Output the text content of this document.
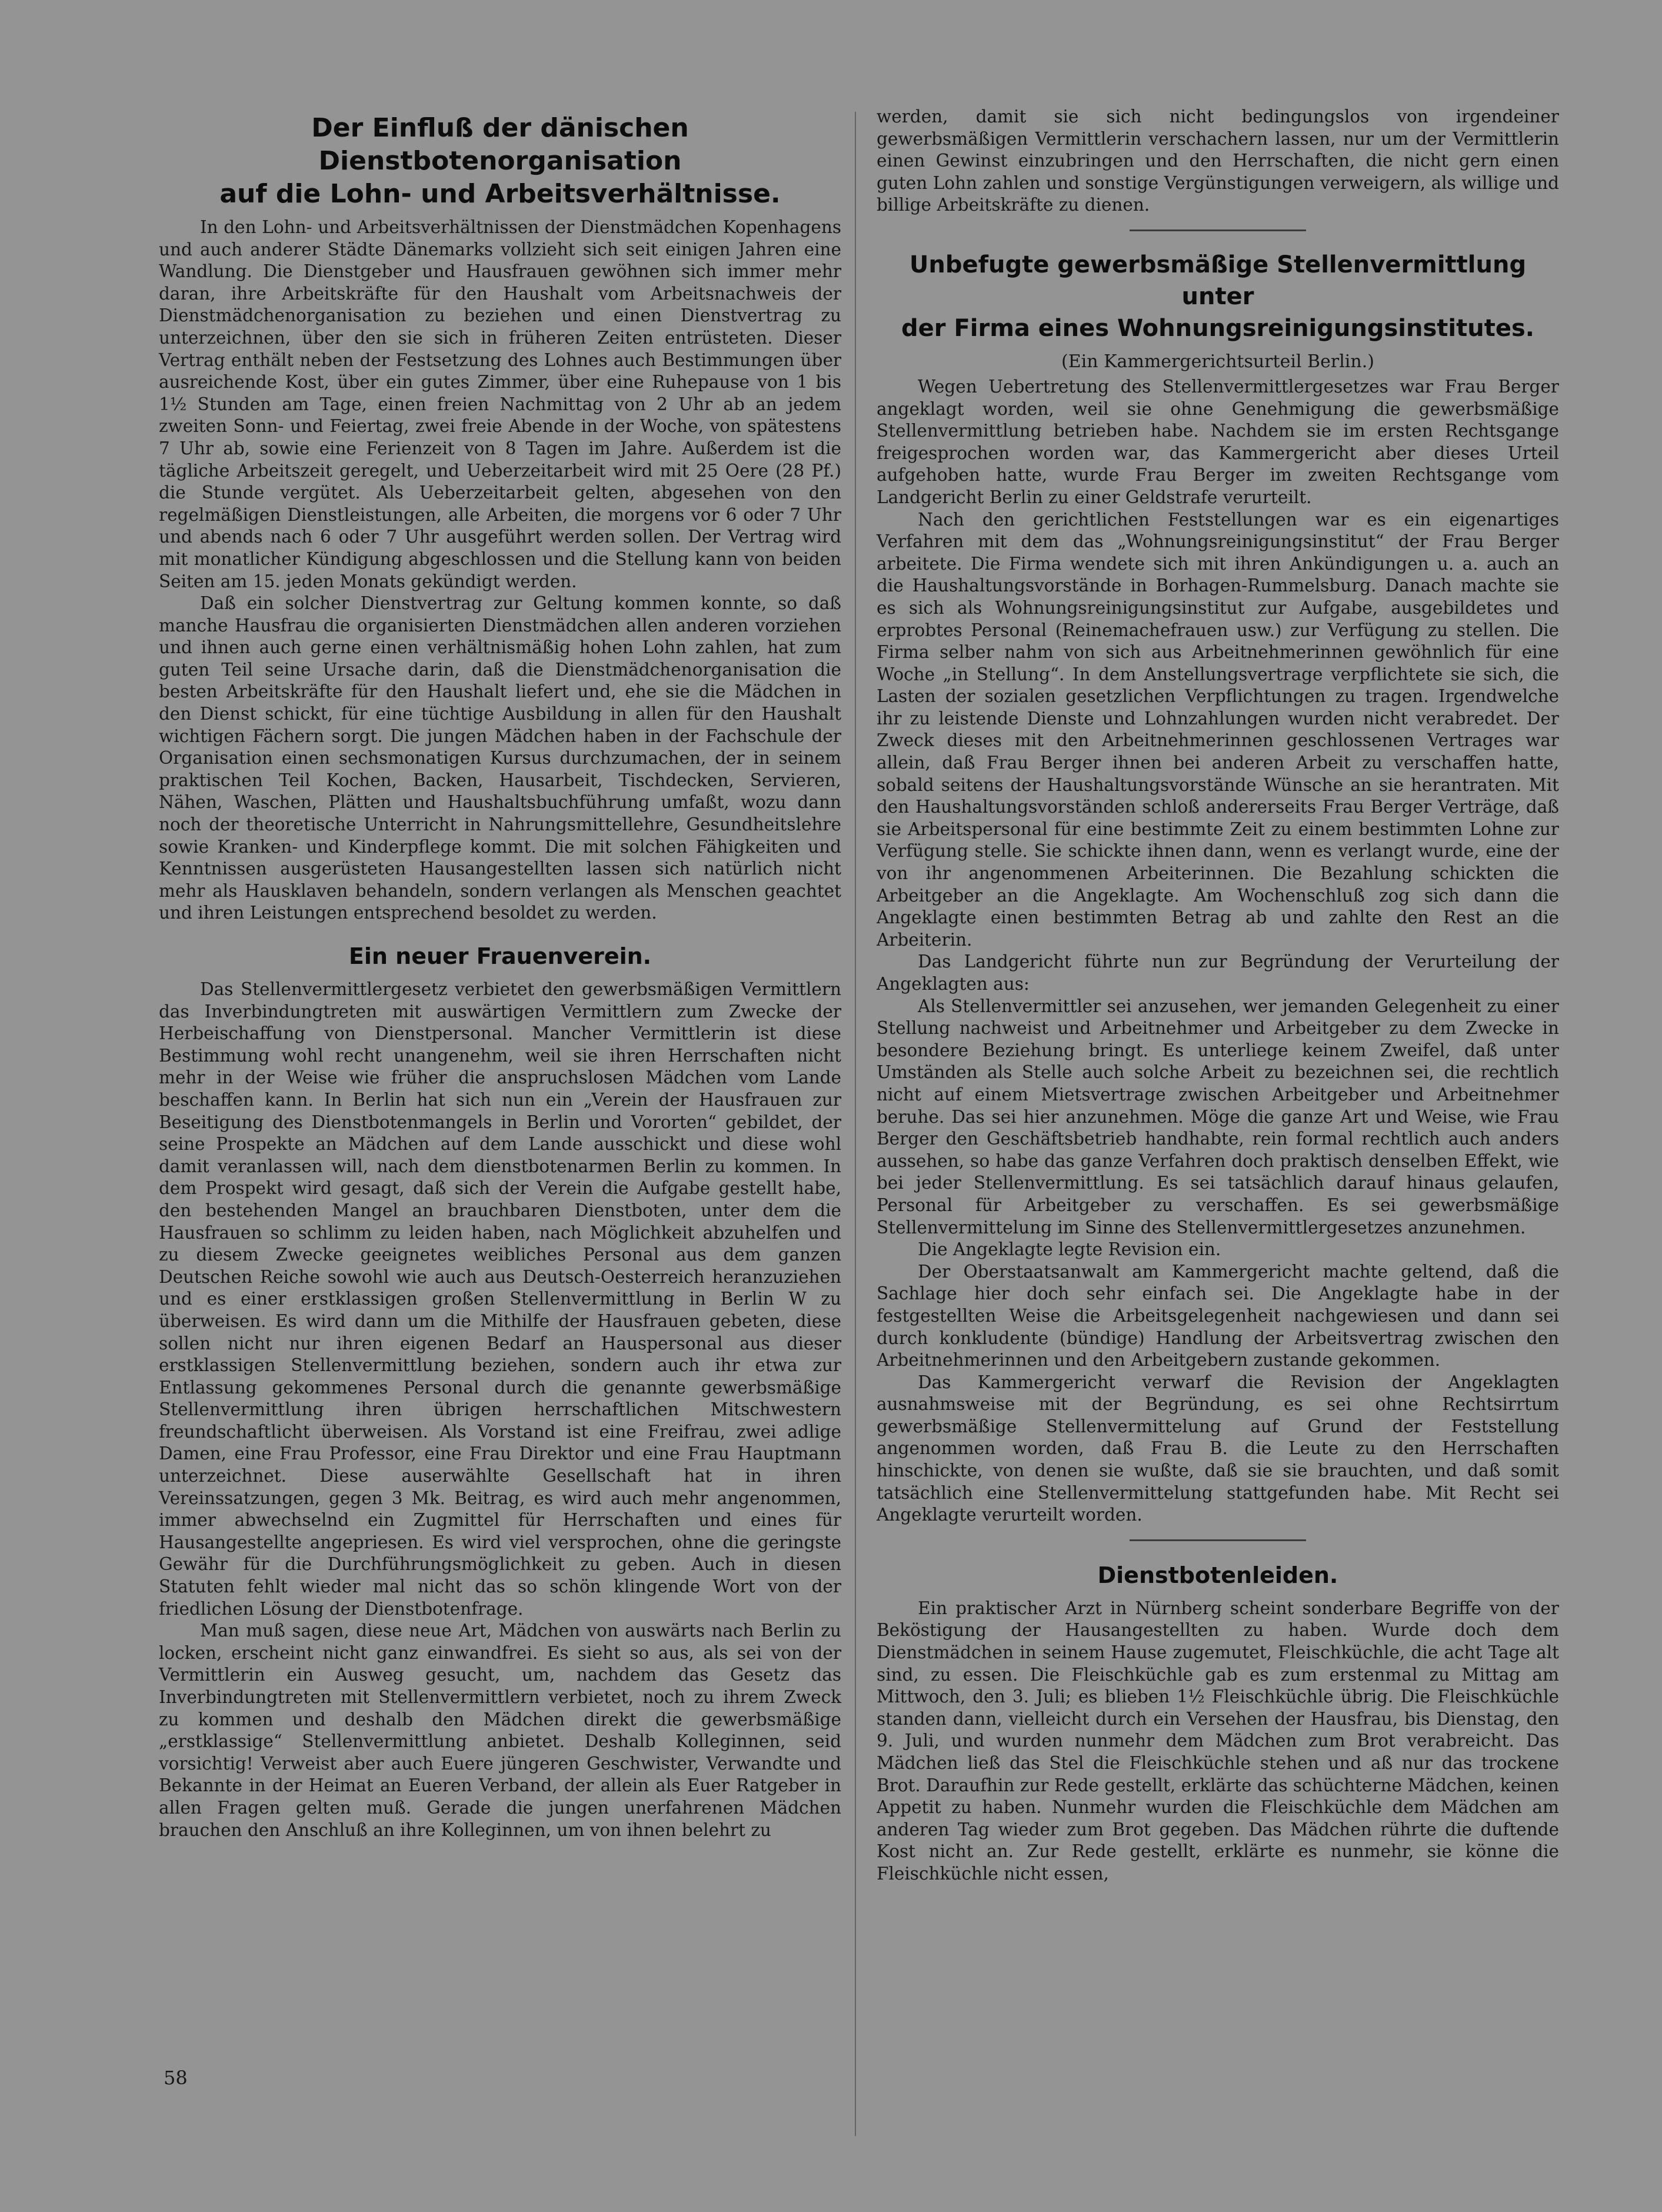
Der Einfluß der dänischen Dienstbotenorganisation
auf die Lohn- und Arbeitsverhältnisse.

In den Lohn- und Arbeitsverhältnissen der Dienstmädchen Kopenhagens und auch anderer Städte Dänemarks vollzieht sich seit einigen Jahren eine Wandlung. Die Dienstgeber und Hausfrauen gewöhnen sich immer mehr daran, ihre Arbeitskräfte für den Haushalt vom Arbeitsnachweis der Dienstmädchenorganisation zu beziehen und einen Dienstvertrag zu unterzeichnen, über den sie sich in früheren Zeiten entrüsteten. Dieser Vertrag enthält neben der Festsetzung des Lohnes auch Bestimmungen über ausreichende Kost, über ein gutes Zimmer, über eine Ruhepause von 1 bis 1½ Stunden am Tage, einen freien Nachmittag von 2 Uhr ab an jedem zweiten Sonn- und Feiertag, zwei freie Abende in der Woche, von spätestens 7 Uhr ab, sowie eine Ferienzeit von 8 Tagen im Jahre. Außerdem ist die tägliche Arbeitszeit geregelt, und Ueberzeitarbeit wird mit 25 Oere (28 Pf.) die Stunde vergütet. Als Ueberzeitarbeit gelten, abgesehen von den regelmäßigen Dienstleistungen, alle Arbeiten, die morgens vor 6 oder 7 Uhr und abends nach 6 oder 7 Uhr ausgeführt werden sollen. Der Vertrag wird mit monatlicher Kündigung abgeschlossen und die Stellung kann von beiden Seiten am 15. jeden Monats gekündigt werden.

Daß ein solcher Dienstvertrag zur Geltung kommen konnte, so daß manche Hausfrau die organisierten Dienstmädchen allen anderen vorziehen und ihnen auch gerne einen verhältnismäßig hohen Lohn zahlen, hat zum guten Teil seine Ursache darin, daß die Dienstmädchenorganisation die besten Arbeitskräfte für den Haushalt liefert und, ehe sie die Mädchen in den Dienst schickt, für eine tüchtige Ausbildung in allen für den Haushalt wichtigen Fächern sorgt. Die jungen Mädchen haben in der Fachschule der Organisation einen sechsmonatigen Kursus durchzumachen, der in seinem praktischen Teil Kochen, Backen, Hausarbeit, Tischdecken, Servieren, Nähen, Waschen, Plätten und Haushaltsbuchführung umfaßt, wozu dann noch der theoretische Unterricht in Nahrungsmittellehre, Gesundheitslehre sowie Kranken- und Kinderpflege kommt. Die mit solchen Fähigkeiten und Kenntnissen ausgerüsteten Hausangestellten lassen sich natürlich nicht mehr als Hausklaven behandeln, sondern verlangen als Menschen geachtet und ihren Leistungen entsprechend besoldet zu werden.

Ein neuer Frauenverein.

Das Stellenvermittlergesetz verbietet den gewerbsmäßigen Vermittlern das Inverbindungtreten mit auswärtigen Vermittlern zum Zwecke der Herbeischaffung von Dienstpersonal. Mancher Vermittlerin ist diese Bestimmung wohl recht unangenehm, weil sie ihren Herrschaften nicht mehr in der Weise wie früher die anspruchslosen Mädchen vom Lande beschaffen kann. In Berlin hat sich nun ein „Verein der Hausfrauen zur Beseitigung des Dienstbotenmangels in Berlin und Vororten“ gebildet, der seine Prospekte an Mädchen auf dem Lande ausschickt und diese wohl damit veranlassen will, nach dem dienstbotenarmen Berlin zu kommen. In dem Prospekt wird gesagt, daß sich der Verein die Aufgabe gestellt habe, den bestehenden Mangel an brauchbaren Dienstboten, unter dem die Hausfrauen so schlimm zu leiden haben, nach Möglichkeit abzuhelfen und zu diesem Zwecke geeignetes weibliches Personal aus dem ganzen Deutschen Reiche sowohl wie auch aus Deutsch-Oesterreich heranzuziehen und es einer erstklassigen großen Stellenvermittlung in Berlin W zu überweisen. Es wird dann um die Mithilfe der Hausfrauen gebeten, diese sollen nicht nur ihren eigenen Bedarf an Hauspersonal aus dieser erstklassigen Stellenvermittlung beziehen, sondern auch ihr etwa zur Entlassung gekommenes Personal durch die genannte gewerbsmäßige Stellenvermittlung ihren übrigen herrschaftlichen Mitschwestern freundschaftlicht überweisen. Als Vorstand ist eine Freifrau, zwei adlige Damen, eine Frau Professor, eine Frau Direktor und eine Frau Hauptmann unterzeichnet. Diese auserwählte Gesellschaft hat in ihren Vereinssatzungen, gegen 3 Mk. Beitrag, es wird auch mehr angenommen, immer abwechselnd ein Zugmittel für Herrschaften und eines für Hausangestellte angepriesen. Es wird viel versprochen, ohne die geringste Gewähr für die Durchführungsmöglichkeit zu geben. Auch in diesen Statuten fehlt wieder mal nicht das so schön klingende Wort von der friedlichen Lösung der Dienstbotenfrage.

Man muß sagen, diese neue Art, Mädchen von auswärts nach Berlin zu locken, erscheint nicht ganz einwandfrei. Es sieht so aus, als sei von der Vermittlerin ein Ausweg gesucht, um, nachdem das Gesetz das Inverbindungtreten mit Stellenvermittlern verbietet, noch zu ihrem Zweck zu kommen und deshalb den Mädchen direkt die gewerbsmäßige „erstklassige“ Stellenvermittlung anbietet. Deshalb Kolleginnen, seid vorsichtig! Verweist aber auch Euere jüngeren Geschwister, Verwandte und Bekannte in der Heimat an Eueren Verband, der allein als Euer Ratgeber in allen Fragen gelten muß. Gerade die jungen unerfahrenen Mädchen brauchen den Anschluß an ihre Kolleginnen, um von ihnen belehrt zu

werden, damit sie sich nicht bedingungslos von irgendeiner gewerbsmäßigen Vermittlerin verschachern lassen, nur um der Vermittlerin einen Gewinst einzubringen und den Herrschaften, die nicht gern einen guten Lohn zahlen und sonstige Vergünstigungen verweigern, als willige und billige Arbeitskräfte zu dienen.

Unbefugte gewerbsmäßige Stellenvermittlung unter
der Firma eines Wohnungsreinigungsinstitutes.
(Ein Kammergerichtsurteil Berlin.)

Wegen Uebertretung des Stellenvermittlergesetzes war Frau Berger angeklagt worden, weil sie ohne Genehmigung die gewerbsmäßige Stellenvermittlung betrieben habe. Nachdem sie im ersten Rechtsgange freigesprochen worden war, das Kammergericht aber dieses Urteil aufgehoben hatte, wurde Frau Berger im zweiten Rechtsgange vom Landgericht Berlin zu einer Geldstrafe verurteilt.

Nach den gerichtlichen Feststellungen war es ein eigenartiges Verfahren mit dem das „Wohnungsreinigungsinstitut“ der Frau Berger arbeitete. Die Firma wendete sich mit ihren Ankündigungen u. a. auch an die Haushaltungsvorstände in Borhagen-Rummelsburg. Danach machte sie es sich als Wohnungsreinigungsinstitut zur Aufgabe, ausgebildetes und erprobtes Personal (Reinemachefrauen usw.) zur Verfügung zu stellen. Die Firma selber nahm von sich aus Arbeitnehmerinnen gewöhnlich für eine Woche „in Stellung“. In dem Anstellungsvertrage verpflichtete sie sich, die Lasten der sozialen gesetzlichen Verpflichtungen zu tragen. Irgendwelche ihr zu leistende Dienste und Lohnzahlungen wurden nicht verabredet. Der Zweck dieses mit den Arbeitnehmerinnen geschlossenen Vertrages war allein, daß Frau Berger ihnen bei anderen Arbeit zu verschaffen hatte, sobald seitens der Haushaltungsvorstände Wünsche an sie herantraten. Mit den Haushaltungsvorständen schloß andererseits Frau Berger Verträge, daß sie Arbeitspersonal für eine bestimmte Zeit zu einem bestimmten Lohne zur Verfügung stelle. Sie schickte ihnen dann, wenn es verlangt wurde, eine der von ihr angenommenen Arbeiterinnen. Die Bezahlung schickten die Arbeitgeber an die Angeklagte. Am Wochenschluß zog sich dann die Angeklagte einen bestimmten Betrag ab und zahlte den Rest an die Arbeiterin.

Das Landgericht führte nun zur Begründung der Verurteilung der Angeklagten aus:

Als Stellenvermittler sei anzusehen, wer jemanden Gelegenheit zu einer Stellung nachweist und Arbeitnehmer und Arbeitgeber zu dem Zwecke in besondere Beziehung bringt. Es unterliege keinem Zweifel, daß unter Umständen als Stelle auch solche Arbeit zu bezeichnen sei, die rechtlich nicht auf einem Mietsvertrage zwischen Arbeitgeber und Arbeitnehmer beruhe. Das sei hier anzunehmen. Möge die ganze Art und Weise, wie Frau Berger den Geschäftsbetrieb handhabte, rein formal rechtlich auch anders aussehen, so habe das ganze Verfahren doch praktisch denselben Effekt, wie bei jeder Stellenvermittlung. Es sei tatsächlich darauf hinaus gelaufen, Personal für Arbeitgeber zu verschaffen. Es sei gewerbsmäßige Stellenvermittelung im Sinne des Stellenvermittlergesetzes anzunehmen.

Die Angeklagte legte Revision ein.

Der Oberstaatsanwalt am Kammergericht machte geltend, daß die Sachlage hier doch sehr einfach sei. Die Angeklagte habe in der festgestellten Weise die Arbeitsgelegenheit nachgewiesen und dann sei durch konkludente (bündige) Handlung der Arbeitsvertrag zwischen den Arbeitnehmerinnen und den Arbeitgebern zustande gekommen.

Das Kammergericht verwarf die Revision der Angeklagten ausnahmsweise mit der Begründung, es sei ohne Rechtsirrtum gewerbsmäßige Stellenvermittelung auf Grund der Feststellung angenommen worden, daß Frau B. die Leute zu den Herrschaften hinschickte, von denen sie wußte, daß sie sie brauchten, und daß somit tatsächlich eine Stellenvermittelung stattgefunden habe. Mit Recht sei Angeklagte verurteilt worden.

Dienstbotenleiden.

Ein praktischer Arzt in Nürnberg scheint sonderbare Begriffe von der Beköstigung der Hausangestellten zu haben. Wurde doch dem Dienstmädchen in seinem Hause zugemutet, Fleischküchle, die acht Tage alt sind, zu essen. Die Fleischküchle gab es zum erstenmal zu Mittag am Mittwoch, den 3. Juli; es blieben 1½ Fleischküchle übrig. Die Fleischküchle standen dann, vielleicht durch ein Versehen der Hausfrau, bis Dienstag, den 9. Juli, und wurden nunmehr dem Mädchen zum Brot verabreicht. Das Mädchen ließ das Stel die Fleischküchle stehen und aß nur das trockene Brot. Daraufhin zur Rede gestellt, erklärte das schüchterne Mädchen, keinen Appetit zu haben. Nunmehr wurden die Fleischküchle dem Mädchen am anderen Tag wieder zum Brot gegeben. Das Mädchen rührte die duftende Kost nicht an. Zur Rede gestellt, erklärte es nunmehr, sie könne die Fleischküchle nicht essen,

58
